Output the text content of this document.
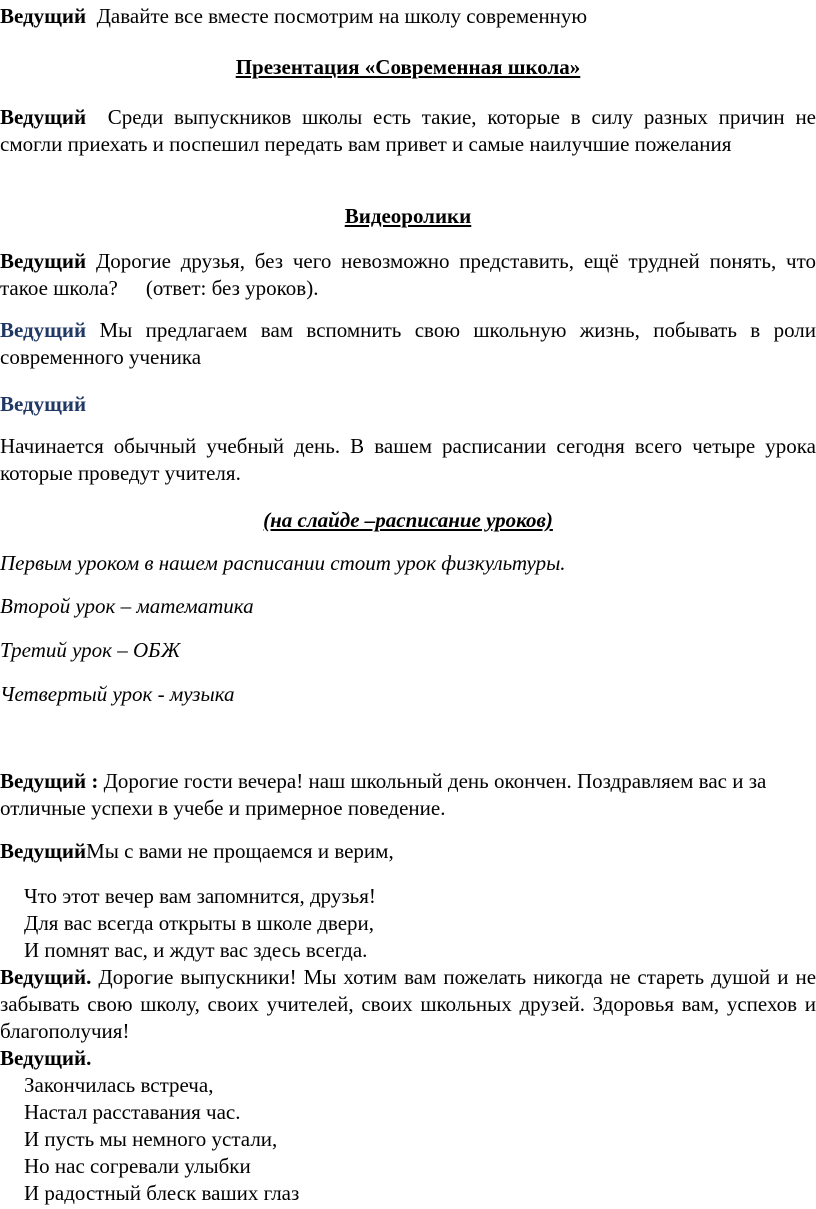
Ведущий Давайте все вместе посмотрим на школу современную

Презентация «Современная школа»

Ведущий Среди выпускников школы есть такие, которые в силу разных причин не смогли приехать и поспешил передать вам привет и самые наилучшие пожелания

Видеоролики

Ведущий Дорогие друзья, без чего невозможно представить, ещё трудней понять, что такое школа? (ответ: без уроков).

Ведущий Мы предлагаем вам вспомнить свою школьную жизнь, побывать в роли современного ученика

Ведущий

Начинается обычный учебный день. В вашем расписании сегодня всего четыре урока которые проведут учителя.

(на слайде –расписание уроков)

Первым уроком в нашем расписании стоит урок физкультуры.

Второй урок – математика

Третий урок – ОБЖ

Четвертый урок - музыка

Ведущий : Дорогие гости вечера! наш школьный день окончен. Поздравляем вас и за отличные успехи в учебе и примерное поведение.

ВедущийМы с вами не прощаемся и верим,

Что этот вечер вам запомнится, друзья!
Для вас всегда открыты в школе двери,
И помнят вас, и ждут вас здесь всегда.

Ведущий. Дорогие выпускники! Мы хотим вам пожелать никогда не стареть душой и не забывать свою школу, своих учителей, своих школьных друзей. Здоровья вам, успехов и благополучия!

Ведущий.

Закончилась встреча,
Настал расставания час.
И пусть мы немного устали,
Но нас согревали улыбки
И радостный блеск ваших глаз
